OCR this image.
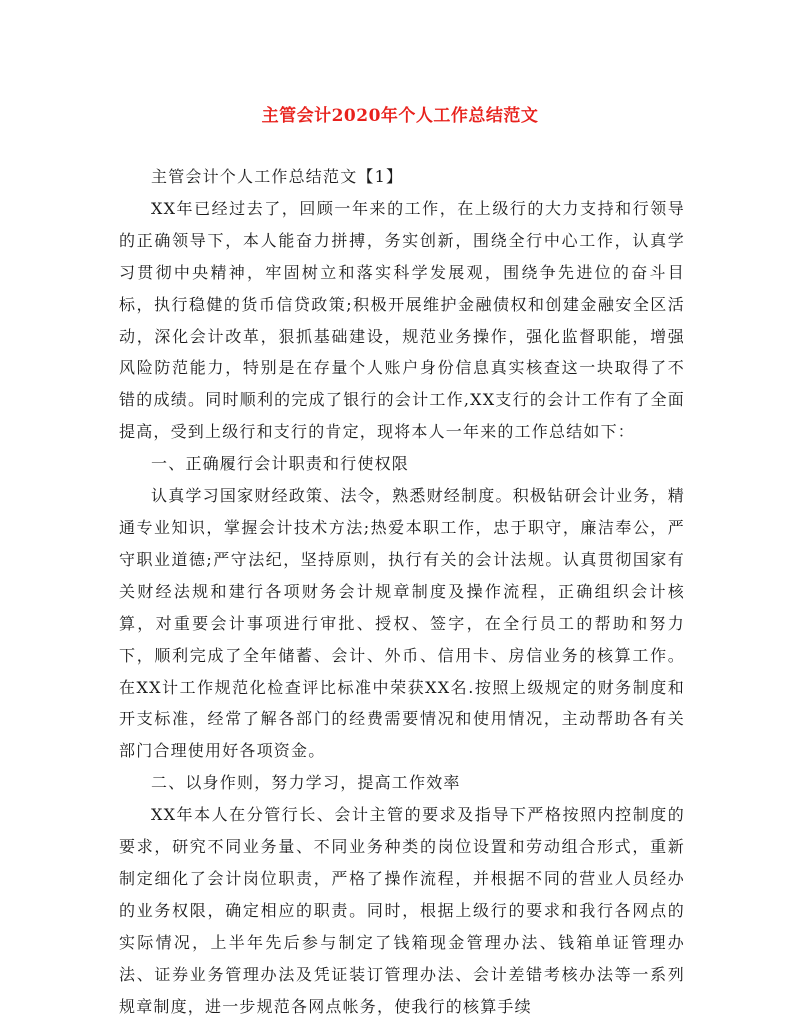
主管会计2020年个人工作总结范文

主管会计个人工作总结范文【1】

XX年已经过去了，回顾一年来的工作，在上级行的大力支持和行领导的正确领导下，本人能奋力拼搏，务实创新，围绕全行中心工作，认真学习贯彻中央精神，牢固树立和落实科学发展观，围绕争先进位的奋斗目标，执行稳健的货币信贷政策;积极开展维护金融债权和创建金融安全区活动，深化会计改革，狠抓基础建设，规范业务操作，强化监督职能，增强风险防范能力，特别是在存量个人账户身份信息真实核查这一块取得了不错的成绩。同时顺利的完成了银行的会计工作,XX支行的会计工作有了全面提高，受到上级行和支行的肯定，现将本人一年来的工作总结如下：

一、正确履行会计职责和行使权限

认真学习国家财经政策、法令，熟悉财经制度。积极钻研会计业务，精通专业知识，掌握会计技术方法;热爱本职工作，忠于职守，廉洁奉公，严守职业道德;严守法纪，坚持原则，执行有关的会计法规。认真贯彻国家有关财经法规和建行各项财务会计规章制度及操作流程，正确组织会计核算，对重要会计事项进行审批、授权、签字，在全行员工的帮助和努力下，顺利完成了全年储蓄、会计、外币、信用卡、房信业务的核算工作。在XX计工作规范化检查评比标准中荣获XX名.按照上级规定的财务制度和开支标准，经常了解各部门的经费需要情况和使用情况，主动帮助各有关部门合理使用好各项资金。

二、以身作则，努力学习，提高工作效率

XX年本人在分管行长、会计主管的要求及指导下严格按照内控制度的要求，研究不同业务量、不同业务种类的岗位设置和劳动组合形式，重新制定细化了会计岗位职责，严格了操作流程，并根据不同的营业人员经办的业务权限，确定相应的职责。同时，根据上级行的要求和我行各网点的实际情况，上半年先后参与制定了钱箱现金管理办法、钱箱单证管理办法、证券业务管理办法及凭证装订管理办法、会计差错考核办法等一系列规章制度，进一步规范各网点帐务，使我行的核算手续
